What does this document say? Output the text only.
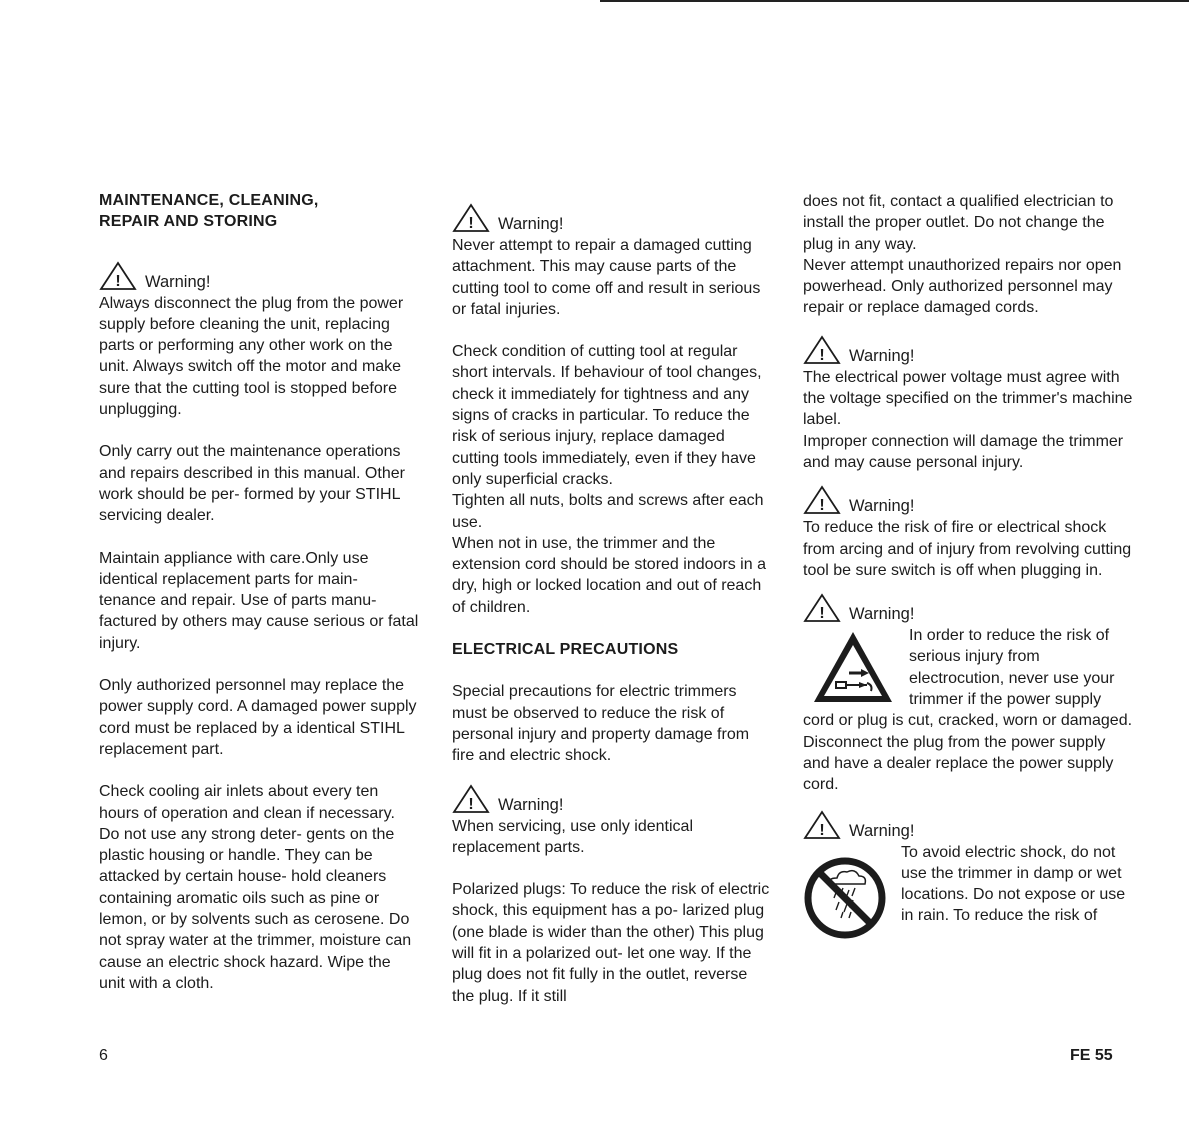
MAINTENANCE, CLEANING,
REPAIR AND STORING

! Warning!

Always disconnect the plug from the power supply before cleaning the unit, replacing parts or performing any other work on the unit. Always switch off the motor and make sure that the cutting tool is stopped before unplugging.

Only carry out the maintenance operations and repairs described in this manual. Other work should be per- formed by your STIHL servicing dealer.

Maintain appliance with care.Only use identical replacement parts for main- tenance and repair. Use of parts manu- factured by others may cause serious or fatal injury.

Only authorized personnel may replace the power supply cord. A damaged power supply cord must be replaced by a identical STIHL replacement part.

Check cooling air inlets about every ten hours of operation and clean if necessary. Do not use any strong deter- gents on the plastic housing or handle. They can be attacked by certain house- hold cleaners containing aromatic oils such as pine or lemon, or by solvents such as cerosene. Do not spray water at the trimmer, moisture can cause an electric shock hazard. Wipe the unit with a cloth.

! Warning!

Never attempt to repair a damaged cutting attachment. This may cause parts of the cutting tool to come off and result in serious or fatal injuries.

Check condition of cutting tool at regular short intervals. If behaviour of tool changes, check it immediately for tightness and any signs of cracks in particular. To reduce the risk of serious injury, replace damaged cutting tools immediately, even if they have only superficial cracks.

Tighten all nuts, bolts and screws after each use.

When not in use, the trimmer and the extension cord should be stored indoors in a dry, high or locked location and out of reach of children.

ELECTRICAL PRECAUTIONS

Special precautions for electric trimmers must be observed to reduce the risk of personal injury and property damage from fire and electric shock.

! Warning!

When servicing, use only identical replacement parts.

Polarized plugs: To reduce the risk of electric shock, this equipment has a po- larized plug (one blade is wider than the other) This plug will fit in a polarized out- let one way. If the plug does not fit fully in the outlet, reverse the plug. If it still

does not fit, contact a qualified electrician to install the proper outlet. Do not change the plug in any way.

Never attempt unauthorized repairs nor open powerhead. Only authorized personnel may repair or replace damaged cords.

! Warning!

The electrical power voltage must agree with the voltage specified on the trimmer's machine label.

Improper connection will damage the trimmer and may cause personal injury.

! Warning!

To reduce the risk of fire or electrical shock from arcing and of injury from revolving cutting tool be sure switch is off when plugging in.

! Warning!
In order to reduce the risk of serious injury from electrocution, never use your trimmer if the power supply cord or plug is cut, cracked, worn or damaged.

Disconnect the plug from the power supply and have a dealer replace the power supply cord.

! Warning!
To avoid electric shock, do not use the trimmer in damp or wet locations. Do not expose or use in rain. To reduce the risk of
6	FE 55
